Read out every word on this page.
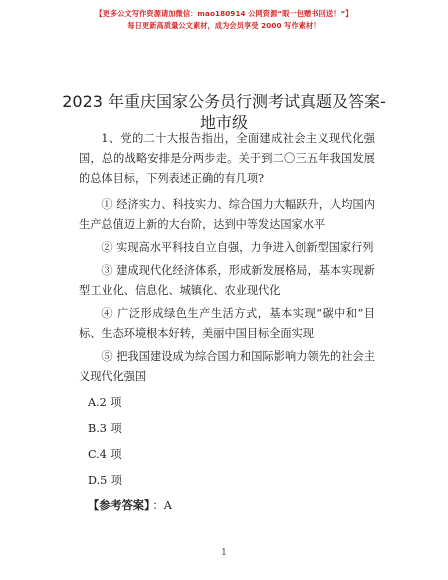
【更多公文写作资源请加微信：mao180914 公网资源“眼一包赠书回送！”】
每日更新高质量公文素材，成为会员享受 2000 写作素材！
2023 年重庆国家公务员行测考试真题及答案-
地市级

1、党的二十大报告指出，全面建成社会主义现代化强国，总的战略安排是分两步走。关于到二〇三五年我国发展的总体目标，下列表述正确的有几项?

① 经济实力、科技实力、综合国力大幅跃升，人均国内生产总值迈上新的大台阶，达到中等发达国家水平

② 实现高水平科技自立自强，力争进入创新型国家行列

③ 建成现代化经济体系，形成新发展格局，基本实现新型工业化、信息化、城镇化、农业现代化

④ 广泛形成绿色生产生活方式，基本实现“碳中和”目标、生态环境根本好转，美丽中国目标全面实现

⑤ 把我国建设成为综合国力和国际影响力领先的社会主义现代化强国

A.2 项
B.3 项
C.4 项
D.5 项
【参考答案】 ：A
1
